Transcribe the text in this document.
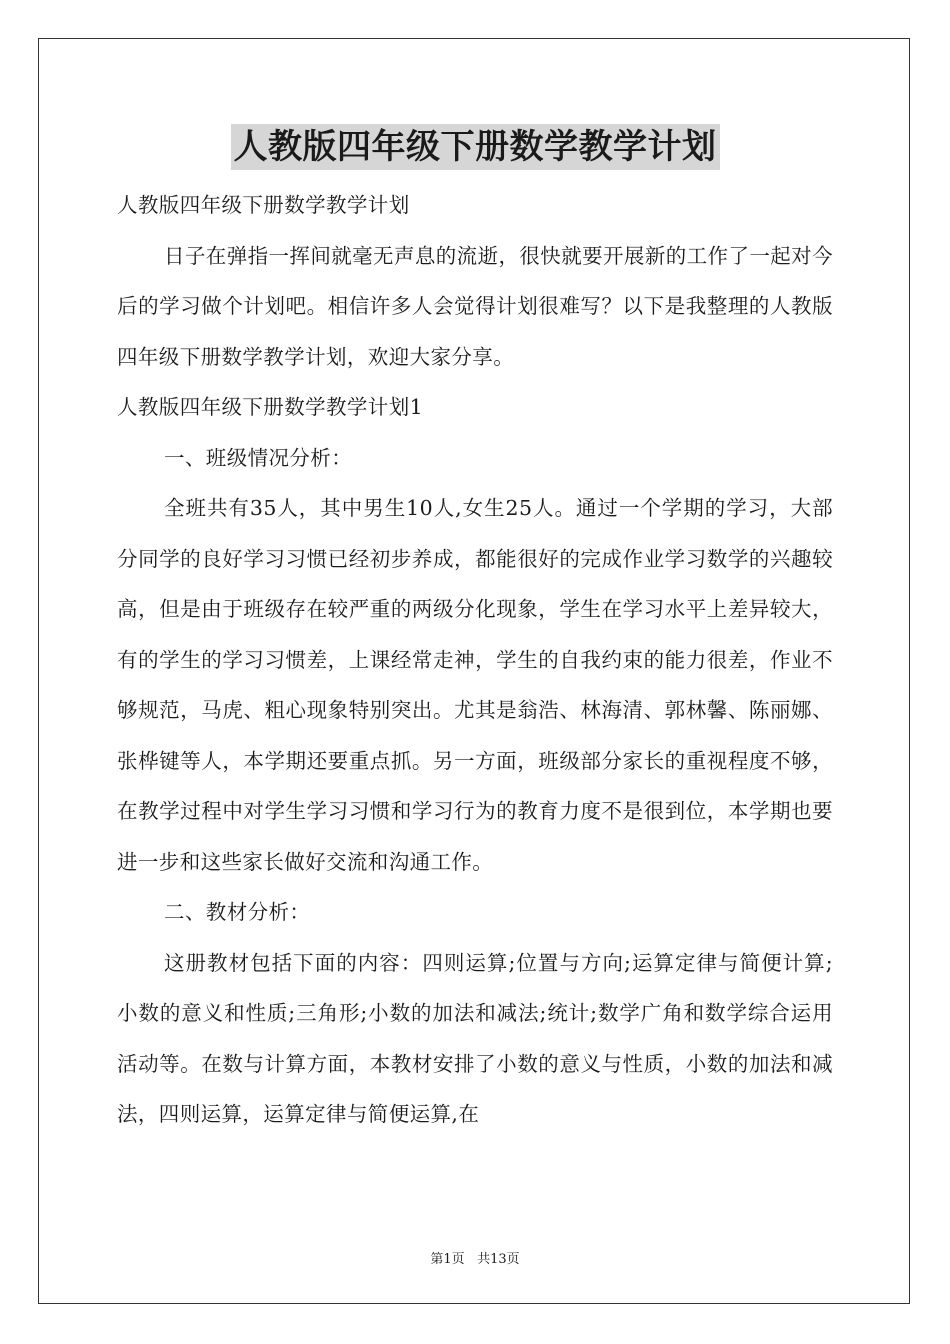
人教版四年级下册数学教学计划

人教版四年级下册数学教学计划

日子在弹指一挥间就毫无声息的流逝，很快就要开展新的工作了一起对今后的学习做个计划吧。相信许多人会觉得计划很难写？以下是我整理的人教版四年级下册数学教学计划，欢迎大家分享。

人教版四年级下册数学教学计划1

一、班级情况分析：

全班共有35人，其中男生10人,女生25人。通过一个学期的学习，大部分同学的良好学习习惯已经初步养成，都能很好的完成作业学习数学的兴趣较高，但是由于班级存在较严重的两级分化现象，学生在学习水平上差异较大，有的学生的学习习惯差，上课经常走神，学生的自我约束的能力很差，作业不够规范，马虎、粗心现象特别突出。尤其是翁浩、林海清、郭林馨、陈丽娜、张桦键等人，本学期还要重点抓。另一方面，班级部分家长的重视程度不够，在教学过程中对学生学习习惯和学习行为的教育力度不是很到位，本学期也要进一步和这些家长做好交流和沟通工作。

二、教材分析：

这册教材包括下面的内容：四则运算;位置与方向;运算定律与简便计算;小数的意义和性质;三角形;小数的加法和减法;统计;数学广角和数学综合运用活动等。在数与计算方面，本教材安排了小数的意义与性质，小数的加法和减法，四则运算，运算定律与简便运算,在

第1页 共13页
